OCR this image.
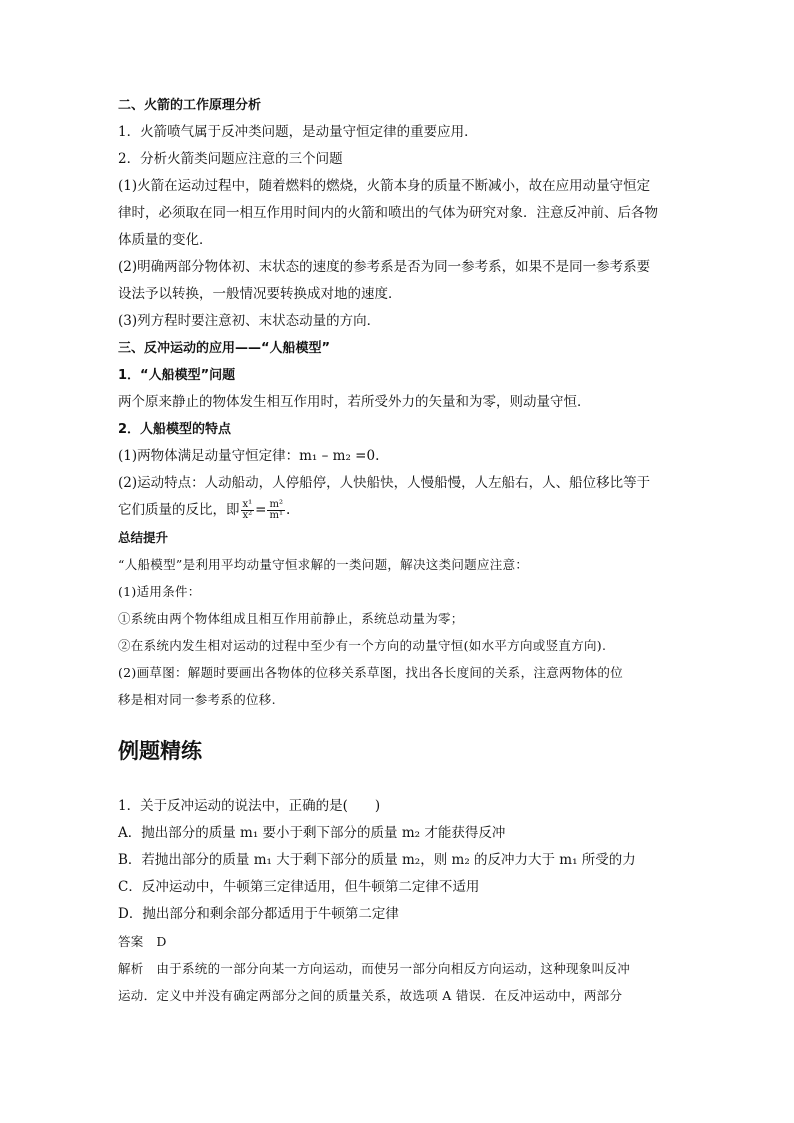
二、火箭的工作原理分析
1．火箭喷气属于反冲类问题，是动量守恒定律的重要应用．
2．分析火箭类问题应注意的三个问题
(1)火箭在运动过程中，随着燃料的燃烧，火箭本身的质量不断减小，故在应用动量守恒定
律时，必须取在同一相互作用时间内的火箭和喷出的气体为研究对象．注意反冲前、后各物
体质量的变化．
(2)明确两部分物体初、末状态的速度的参考系是否为同一参考系，如果不是同一参考系要
设法予以转换，一般情况要转换成对地的速度．
(3)列方程时要注意初、末状态动量的方向．
三、反冲运动的应用——“人船模型”
1．“人船模型”问题
两个原来静止的物体发生相互作用时，若所受外力的矢量和为零，则动量守恒．
2．人船模型的特点
(1)两物体满足动量守恒定律：m₁ – m₂ =0.
(2)运动特点：人动船动，人停船停，人快船快，人慢船慢，人左船右，人、船位移比等于
它们质量的反比，即 $\frac{\text{x¹}}{\text{x²}} = \frac{\text{m²}}{\text{m¹}}$ .
总结提升
“人船模型”是利用平均动量守恒求解的一类问题，解决这类问题应注意：
(1)适用条件：
①系统由两个物体组成且相互作用前静止，系统总动量为零；
②在系统内发生相对运动的过程中至少有一个方向的动量守恒(如水平方向或竖直方向).
(2)画草图：解题时要画出各物体的位移关系草图，找出各长度间的关系，注意两物体的位
移是相对同一参考系的位移.
例题精练
1．关于反冲运动的说法中，正确的是(　　)
A．抛出部分的质量 m₁ 要小于剩下部分的质量 m₂ 才能获得反冲
B．若抛出部分的质量 m₁ 大于剩下部分的质量 m₂，则 m₂ 的反冲力大于 m₁ 所受的力
C．反冲运动中，牛顿第三定律适用，但牛顿第二定律不适用
D．抛出部分和剩余部分都适用于牛顿第二定律
答案　D
解析　由于系统的一部分向某一方向运动，而使另一部分向相反方向运动，这种现象叫反冲
运动．定义中并没有确定两部分之间的质量关系，故选项 A 错误．在反冲运动中，两部分
